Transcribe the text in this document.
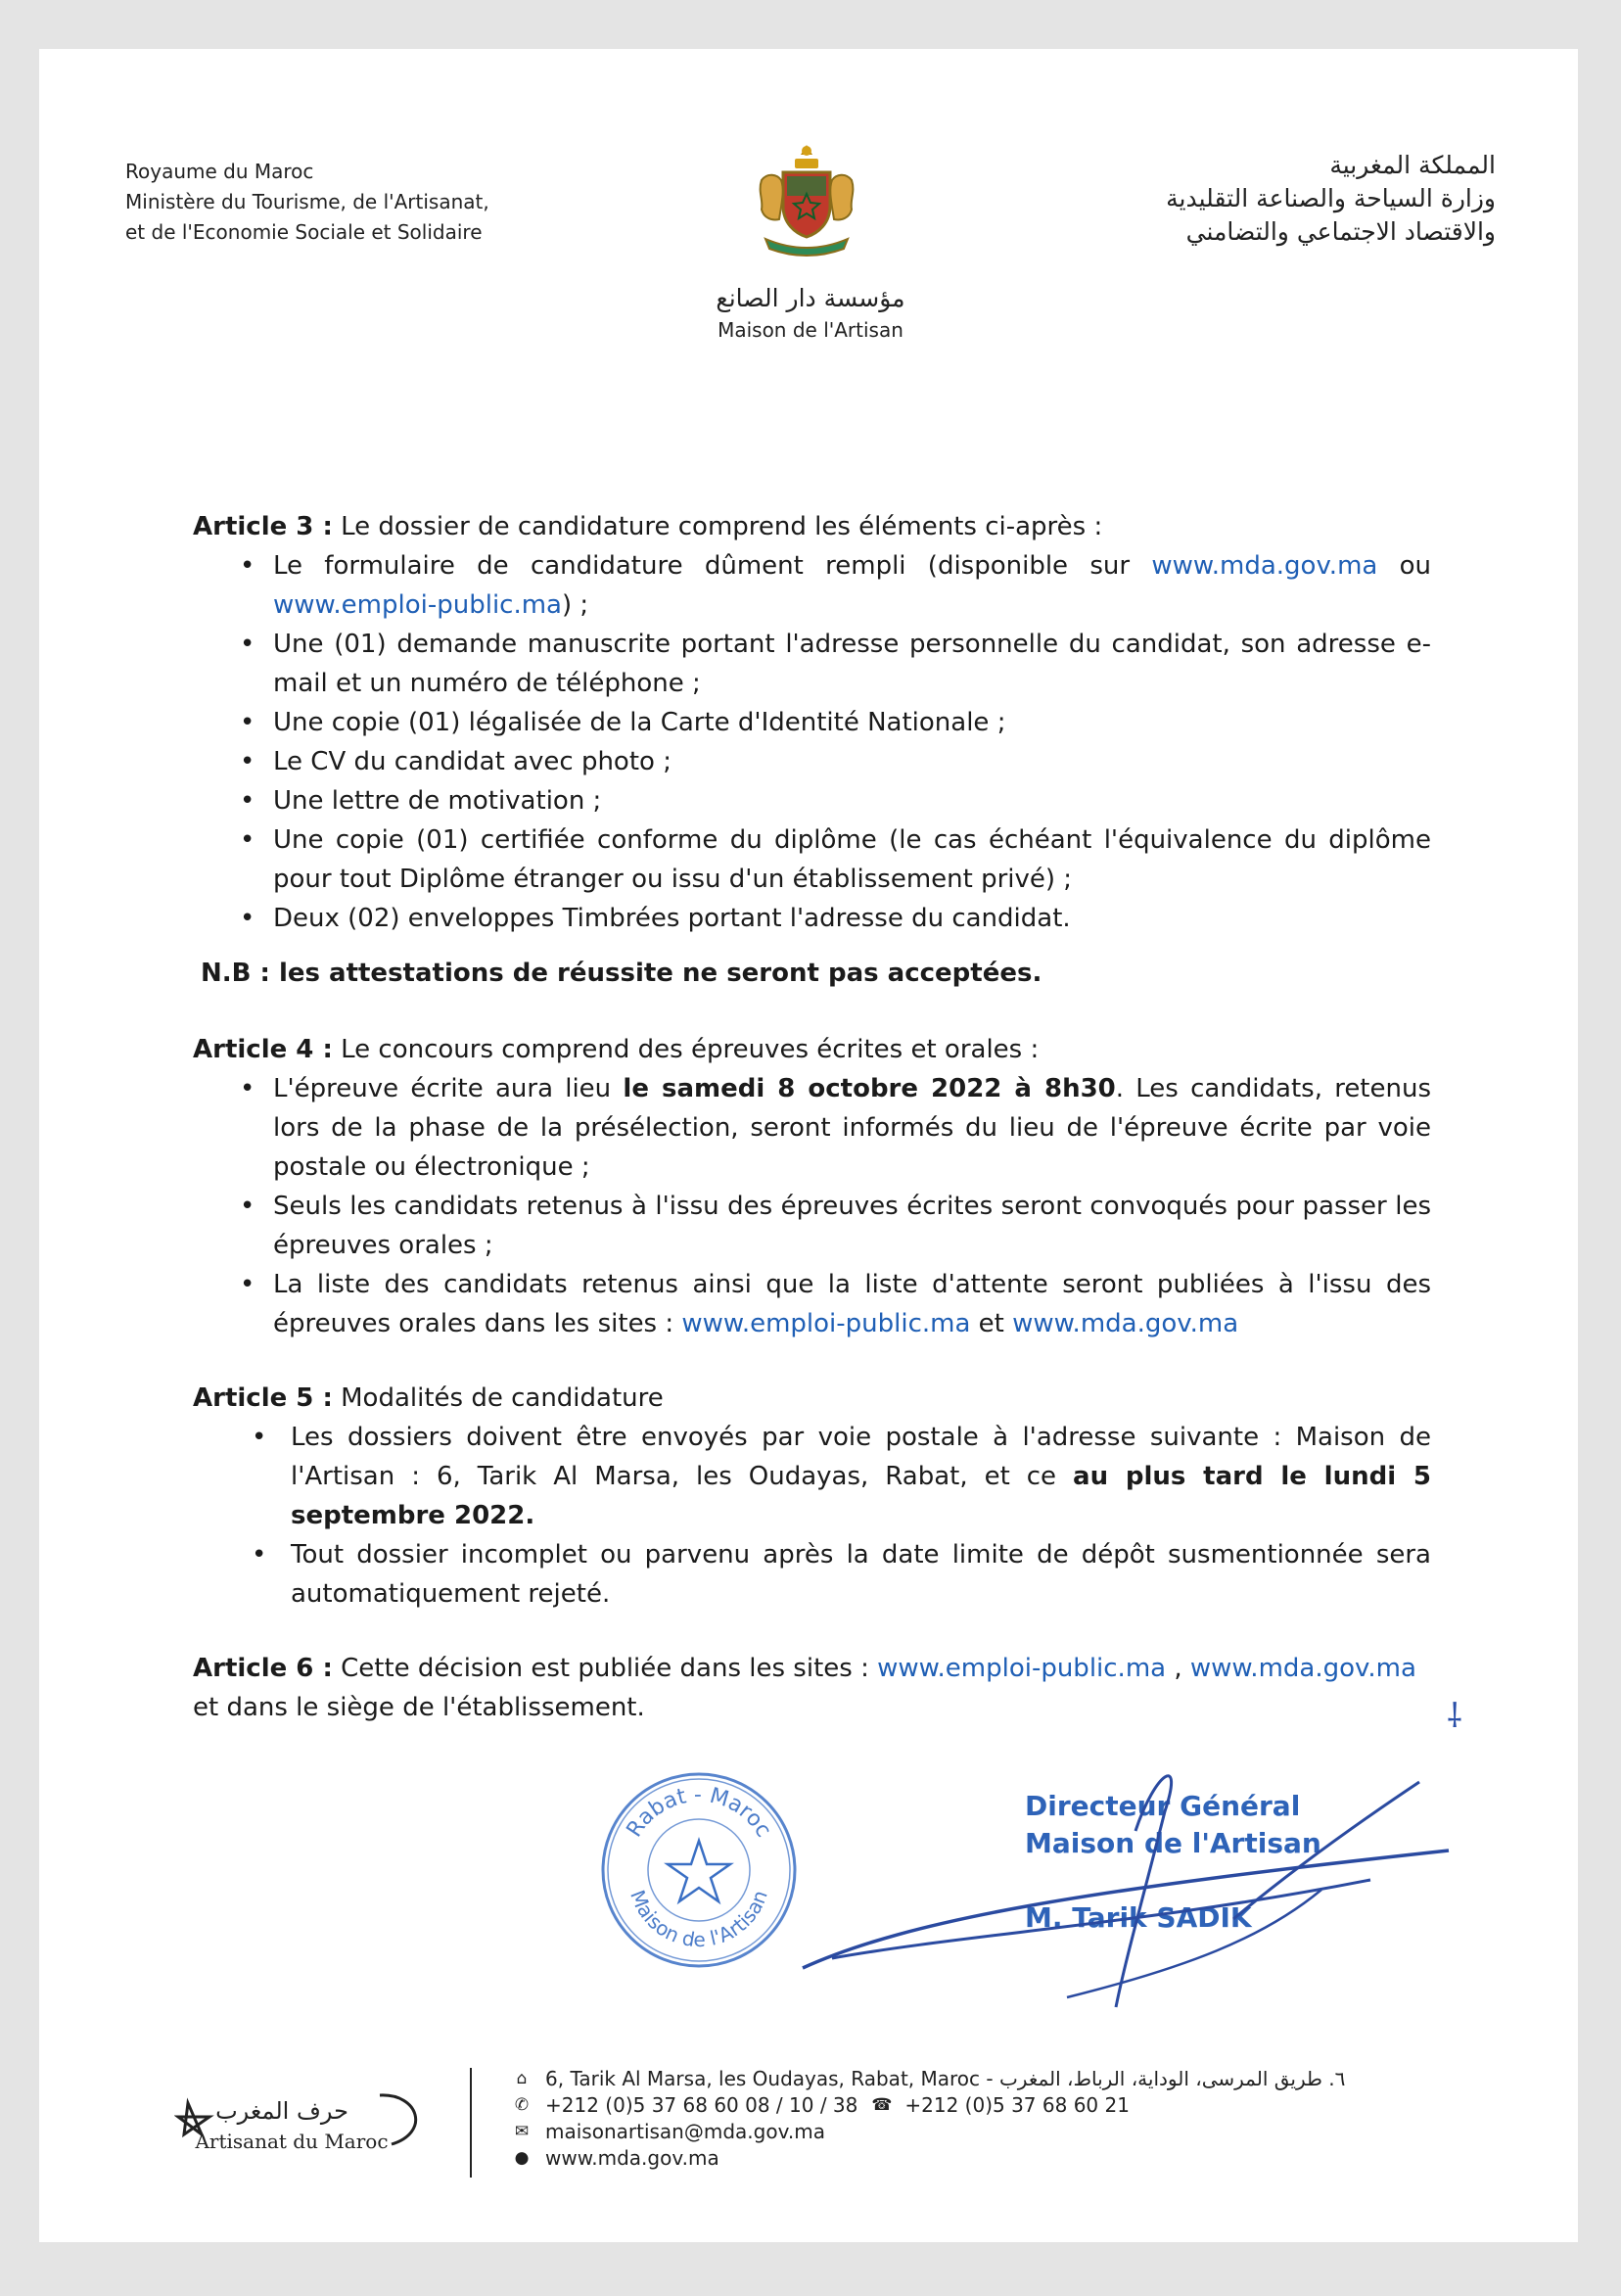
Royaume du Maroc
Ministère du Tourisme, de l'Artisanat,
et de l'Economie Sociale et Solidaire
المملكة المغربية
وزارة السياحة والصناعة التقليدية
والاقتصاد الاجتماعي والتضامني
مؤسسة دار الصانع
Maison de l'Artisan

Article 3 : Le dossier de candidature comprend les éléments ci-après :

• Le formulaire de candidature dûment rempli (disponible sur www.mda.gov.ma ou www.emploi-public.ma) ;
• Une (01) demande manuscrite portant l'adresse personnelle du candidat, son adresse e-mail et un numéro de téléphone ;
• Une copie (01) légalisée de la Carte d'Identité Nationale ;
• Le CV du candidat avec photo ;
• Une lettre de motivation ;
• Une copie (01) certifiée conforme du diplôme (le cas échéant l'équivalence du diplôme pour tout Diplôme étranger ou issu d'un établissement privé) ;
• Deux (02) enveloppes Timbrées portant l'adresse du candidat.

N.B : les attestations de réussite ne seront pas acceptées.

Article 4 : Le concours comprend des épreuves écrites et orales :

• L'épreuve écrite aura lieu le samedi 8 octobre 2022 à 8h30. Les candidats, retenus lors de la phase de la présélection, seront informés du lieu de l'épreuve écrite par voie postale ou électronique ;
• Seuls les candidats retenus à l'issu des épreuves écrites seront convoqués pour passer les épreuves orales ;
• La liste des candidats retenus ainsi que la liste d'attente seront publiées à l'issu des épreuves orales dans les sites : www.emploi-public.ma et www.mda.gov.ma

Article 5 : Modalités de candidature

• Les dossiers doivent être envoyés par voie postale à l'adresse suivante : Maison de l'Artisan : 6, Tarik Al Marsa, les Oudayas, Rabat, et ce au plus tard le lundi 5 septembre 2022.
• Tout dossier incomplet ou parvenu après la date limite de dépôt susmentionnée sera automatiquement rejeté.

Article 6 : Cette décision est publiée dans les sites : www.emploi-public.ma , www.mda.gov.ma et dans le siège de l'établissement.	⸸
Rabat - Maroc
Maison de l'Artisan
Directeur Général
Maison de l'Artisan
M. Tarik SADIK
حرف المغرب
Artisanat du Maroc
⌂ 6, Tarik Al Marsa, les Oudayas, Rabat, Maroc - ٦. طريق المرسى، الوداية، الرباط، المغرب
✆ +212 (0)5 37 68 60 08 / 10 / 38 ☎ +212 (0)5 37 68 60 21
✉ maisonartisan@mda.gov.ma
● www.mda.gov.ma
